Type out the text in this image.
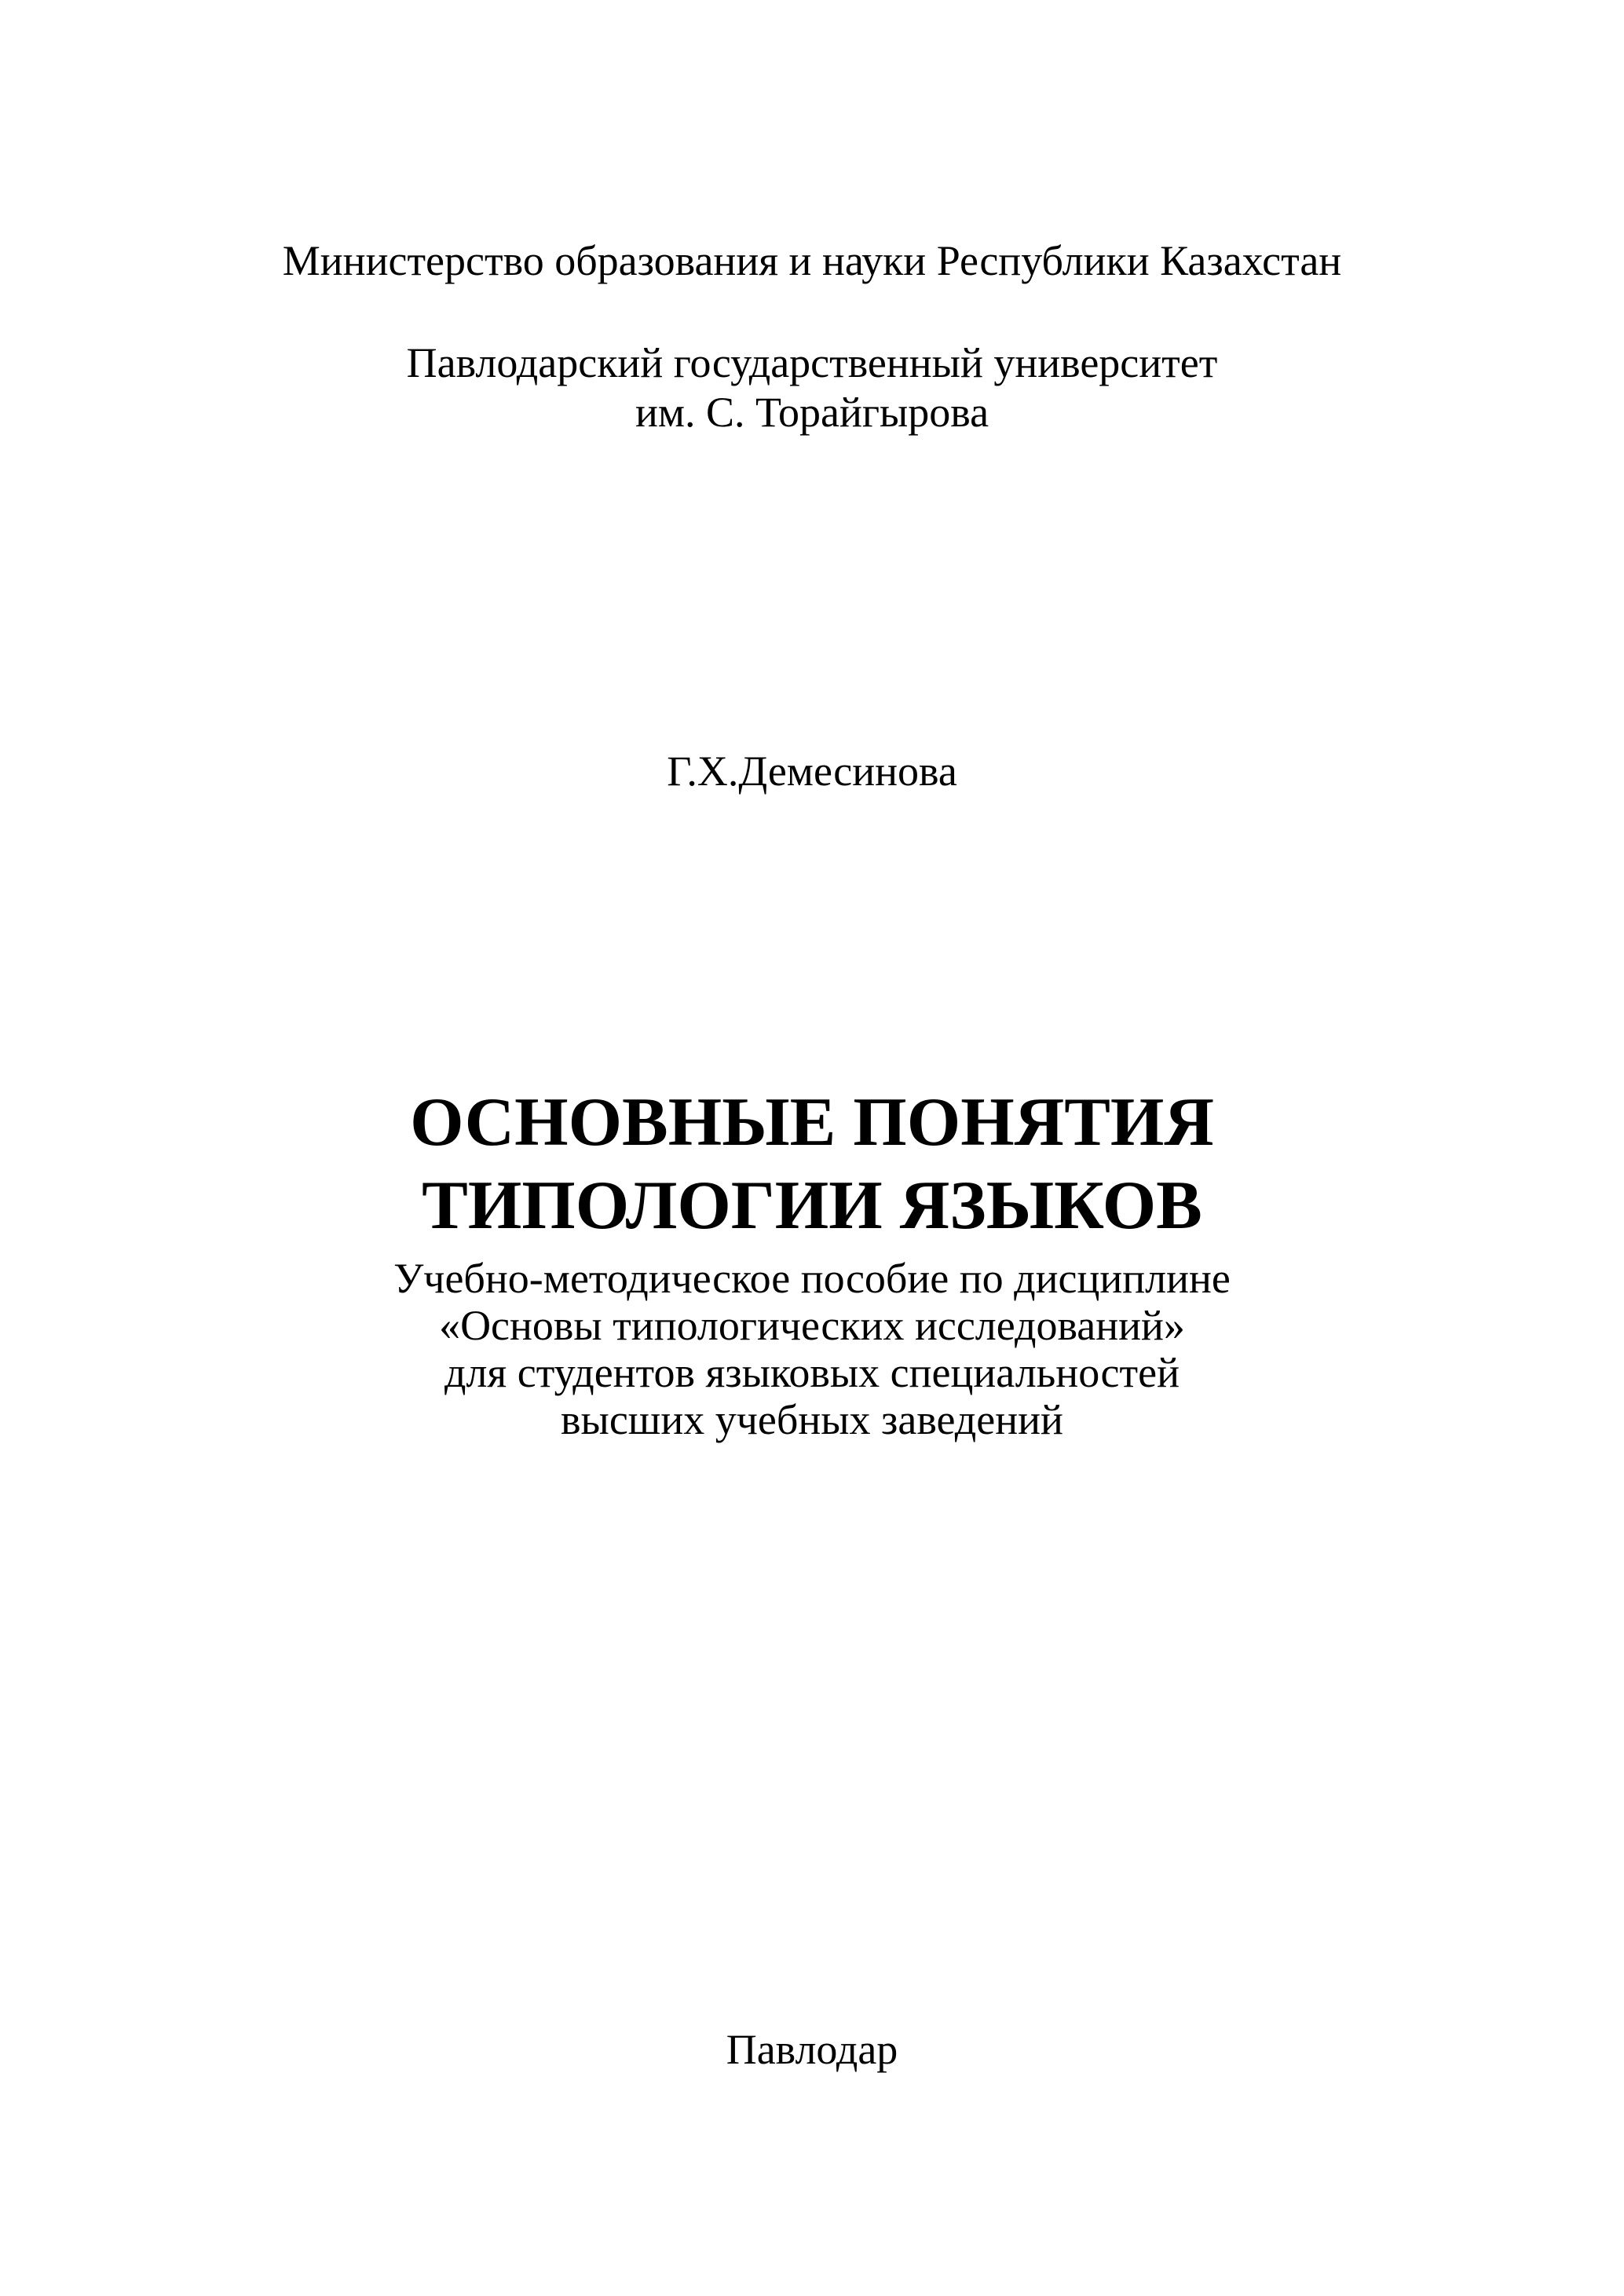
Министерство образования и науки Республики Казахстан

Павлодарский государственный университет

им. С. Торайгырова

Г.Х.Демесинова

ОСНОВНЫЕ ПОНЯТИЯ
ТИПОЛОГИИ ЯЗЫКОВ

Учебно-методическое пособие по дисциплине

«Основы типологических исследований»

для студентов языковых специальностей

высших учебных заведений

Павлодар
